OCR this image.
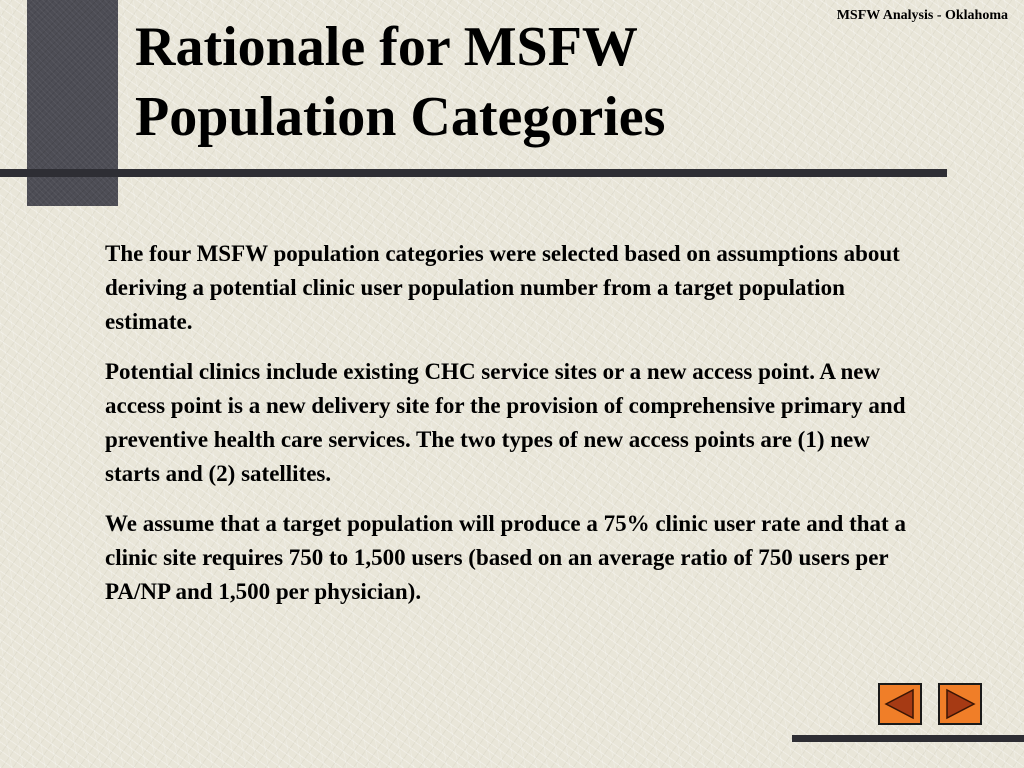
MSFW Analysis - Oklahoma
Rationale for MSFW
Population Categories

The four MSFW population categories were selected based on assumptions about deriving a potential clinic user population number from a target population estimate.

Potential clinics include existing CHC service sites or a new access point. A new access point is a new delivery site for the provision of comprehensive primary and preventive health care services. The two types of new access points are (1) new starts and (2) satellites.

We assume that a target population will produce a 75% clinic user rate and that a clinic site requires 750 to 1,500 users (based on an average ratio of 750 users per PA/NP and 1,500 per physician).
